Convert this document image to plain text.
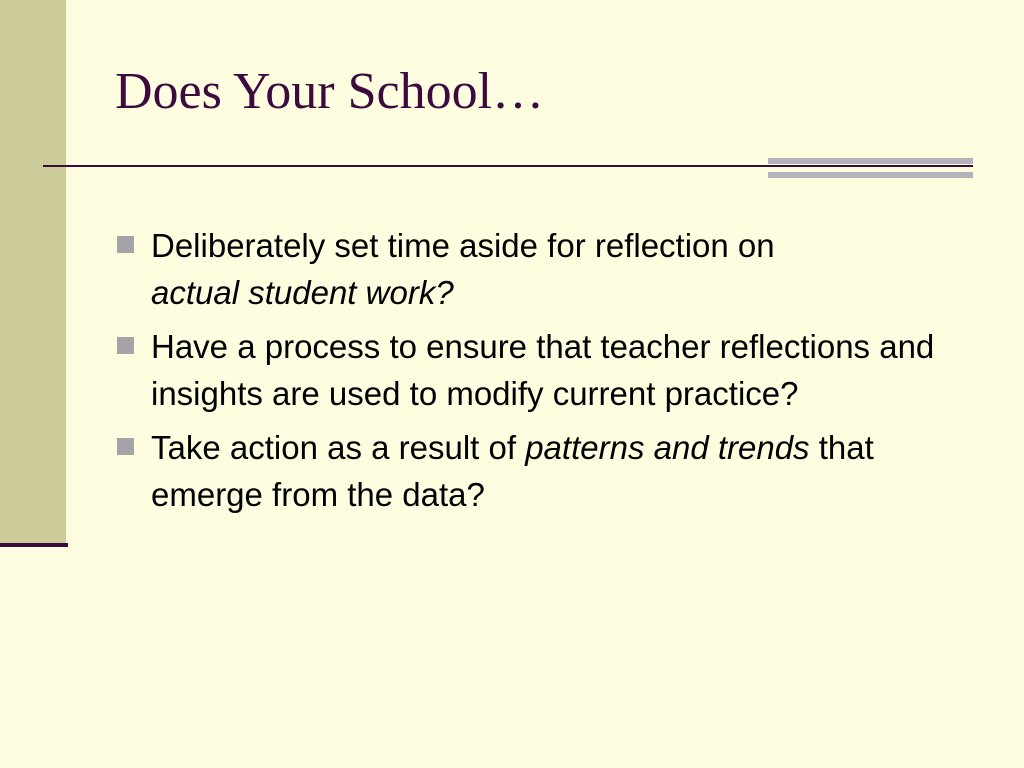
Does Your School…
Deliberately set time aside for reflection on
actual student work?
Have a process to ensure that teacher reflections and insights are used to modify current practice?
Take action as a result of patterns and trends that emerge from the data?
